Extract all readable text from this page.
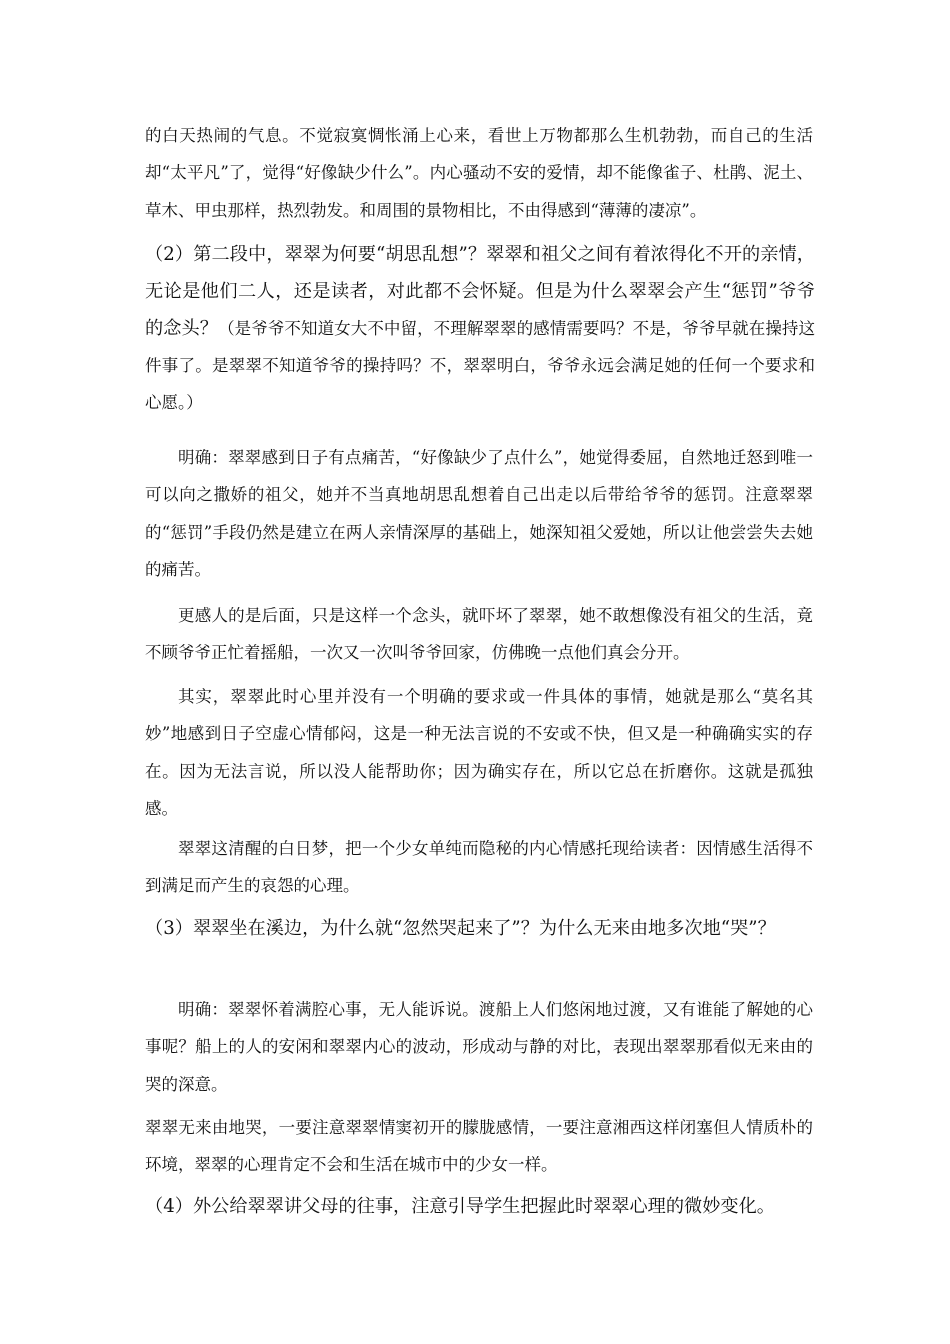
的白天热闹的气息。不觉寂寞惆怅涌上心来，看世上万物都那么生机勃勃，而自己的生活却“太平凡”了，觉得“好像缺少什么”。内心骚动不安的爱情，却不能像雀子、杜鹃、泥土、草木、甲虫那样，热烈勃发。和周围的景物相比，不由得感到“薄薄的凄凉”。

（2）第二段中，翠翠为何要“胡思乱想”？翠翠和祖父之间有着浓得化不开的亲情，无论是他们二人，还是读者，对此都不会怀疑。但是为什么翠翠会产生“惩罚”爷爷的念头？（是爷爷不知道女大不中留，不理解翠翠的感情需要吗？不是，爷爷早就在操持这件事了。是翠翠不知道爷爷的操持吗？不，翠翠明白，爷爷永远会满足她的任何一个要求和心愿。）

明确：翠翠感到日子有点痛苦，“好像缺少了点什么”，她觉得委屈，自然地迁怒到唯一可以向之撒娇的祖父，她并不当真地胡思乱想着自己出走以后带给爷爷的惩罚。注意翠翠的“惩罚”手段仍然是建立在两人亲情深厚的基础上，她深知祖父爱她，所以让他尝尝失去她的痛苦。

更感人的是后面，只是这样一个念头，就吓坏了翠翠，她不敢想像没有祖父的生活，竟不顾爷爷正忙着摇船，一次又一次叫爷爷回家，仿佛晚一点他们真会分开。

其实，翠翠此时心里并没有一个明确的要求或一件具体的事情，她就是那么“莫名其妙”地感到日子空虚心情郁闷，这是一种无法言说的不安或不快，但又是一种确确实实的存在。因为无法言说，所以没人能帮助你；因为确实存在，所以它总在折磨你。这就是孤独感。

翠翠这清醒的白日梦，把一个少女单纯而隐秘的内心情感托现给读者：因情感生活得不到满足而产生的哀怨的心理。

（3）翠翠坐在溪边，为什么就“忽然哭起来了”？为什么无来由地多次地“哭”？

明确：翠翠怀着满腔心事，无人能诉说。渡船上人们悠闲地过渡，又有谁能了解她的心事呢？船上的人的安闲和翠翠内心的波动，形成动与静的对比，表现出翠翠那看似无来由的哭的深意。

翠翠无来由地哭，一要注意翠翠情窦初开的朦胧感情，一要注意湘西这样闭塞但人情质朴的环境，翠翠的心理肯定不会和生活在城市中的少女一样。

（4）外公给翠翠讲父母的往事，注意引导学生把握此时翠翠心理的微妙变化。
